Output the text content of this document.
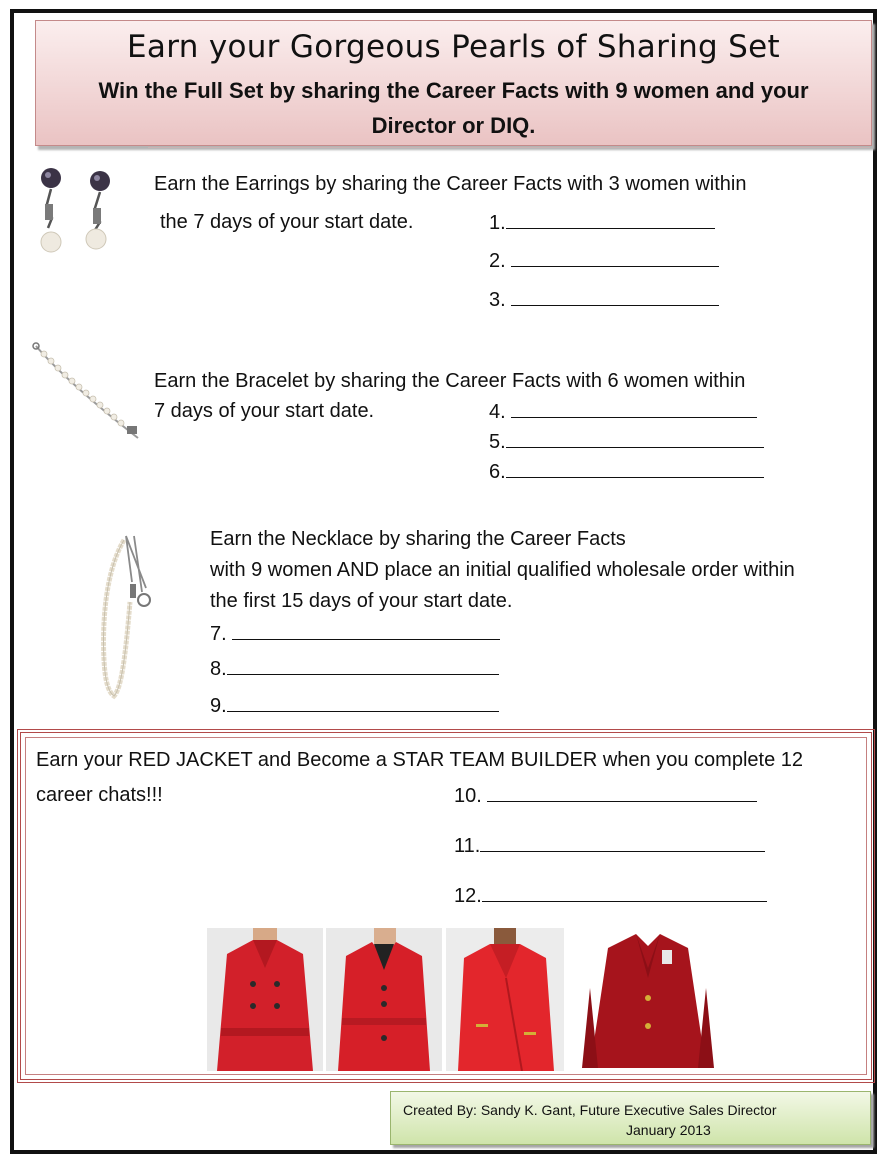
Earn your Gorgeous Pearls of Sharing Set
Win the Full Set by sharing the Career Facts with 9 women and your Director or DIQ.
Earn the Earrings by sharing the Career Facts with 3 women within
the 7 days of your start date.	1.
2.
3.
Earn the Bracelet by sharing the Career Facts with 6 women within
7 days of your start date.	4.
5.
6.
Earn the Necklace by sharing the Career Facts
with 9 women AND place an initial qualified wholesale order within
the first 15 days of your start date.
7.
8.
9.
Earn your RED JACKET and Become a STAR TEAM BUILDER when you complete 12
career chats!!!	10.
11.
12.
Created By: Sandy K. Gant, Future Executive Sales Director
January 2013
